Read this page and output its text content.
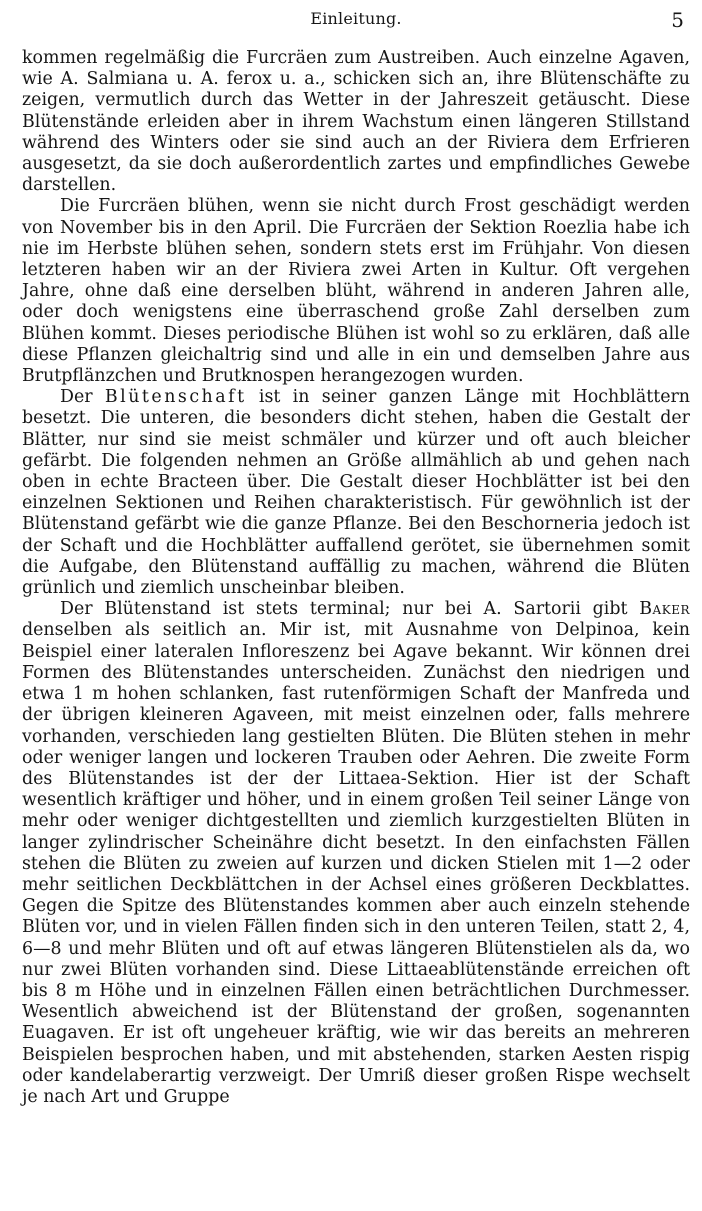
Einleitung.	5

kommen regelmäßig die Furcräen zum Austreiben. Auch einzelne Agaven, wie A. Salmiana u. A. ferox u. a., schicken sich an, ihre Blütenschäfte zu zeigen, vermutlich durch das Wetter in der Jahreszeit getäuscht. Diese Blütenstände erleiden aber in ihrem Wachstum einen längeren Stillstand während des Winters oder sie sind auch an der Riviera dem Erfrieren ausgesetzt, da sie doch außerordentlich zartes und empfindliches Gewebe darstellen.

Die Furcräen blühen, wenn sie nicht durch Frost geschädigt werden von November bis in den April. Die Furcräen der Sektion Roezlia habe ich nie im Herbste blühen sehen, sondern stets erst im Frühjahr. Von diesen letzteren haben wir an der Riviera zwei Arten in Kultur. Oft vergehen Jahre, ohne daß eine derselben blüht, während in anderen Jahren alle, oder doch wenigstens eine überraschend große Zahl derselben zum Blühen kommt. Dieses periodische Blühen ist wohl so zu erklären, daß alle diese Pflanzen gleichaltrig sind und alle in ein und demselben Jahre aus Brutpflänzchen und Brutknospen herangezogen wurden.

Der Blütenschaft ist in seiner ganzen Länge mit Hochblättern besetzt. Die unteren, die besonders dicht stehen, haben die Gestalt der Blätter, nur sind sie meist schmäler und kürzer und oft auch bleicher gefärbt. Die folgenden nehmen an Größe allmählich ab und gehen nach oben in echte Bracteen über. Die Gestalt dieser Hochblätter ist bei den einzelnen Sektionen und Reihen charakteristisch. Für gewöhnlich ist der Blütenstand gefärbt wie die ganze Pflanze. Bei den Beschorneria jedoch ist der Schaft und die Hochblätter auffallend gerötet, sie übernehmen somit die Aufgabe, den Blütenstand auffällig zu machen, während die Blüten grünlich und ziemlich unscheinbar bleiben.

Der Blütenstand ist stets terminal; nur bei A. Sartorii gibt Baker denselben als seitlich an. Mir ist, mit Ausnahme von Delpinoa, kein Beispiel einer lateralen Infloreszenz bei Agave bekannt. Wir können drei Formen des Blütenstandes unterscheiden. Zunächst den niedrigen und etwa 1 m hohen schlanken, fast rutenförmigen Schaft der Manfreda und der übrigen kleineren Agaveen, mit meist einzelnen oder, falls mehrere vorhanden, verschieden lang gestielten Blüten. Die Blüten stehen in mehr oder weniger langen und lockeren Trauben oder Aehren. Die zweite Form des Blütenstandes ist der der Littaea-Sektion. Hier ist der Schaft wesentlich kräftiger und höher, und in einem großen Teil seiner Länge von mehr oder weniger dichtgestellten und ziemlich kurzgestielten Blüten in langer zylindrischer Scheinähre dicht besetzt. In den einfachsten Fällen stehen die Blüten zu zweien auf kurzen und dicken Stielen mit 1—2 oder mehr seitlichen Deckblättchen in der Achsel eines größeren Deckblattes. Gegen die Spitze des Blütenstandes kommen aber auch einzeln stehende Blüten vor, und in vielen Fällen finden sich in den unteren Teilen, statt 2, 4, 6—8 und mehr Blüten und oft auf etwas längeren Blütenstielen als da, wo nur zwei Blüten vorhanden sind. Diese Littaeablütenstände erreichen oft bis 8 m Höhe und in einzelnen Fällen einen beträchtlichen Durchmesser. Wesentlich abweichend ist der Blütenstand der großen, sogenannten Euagaven. Er ist oft ungeheuer kräftig, wie wir das bereits an mehreren Beispielen besprochen haben, und mit abstehenden, starken Aesten rispig oder kandelaberartig verzweigt. Der Umriß dieser großen Rispe wechselt je nach Art und Gruppe
